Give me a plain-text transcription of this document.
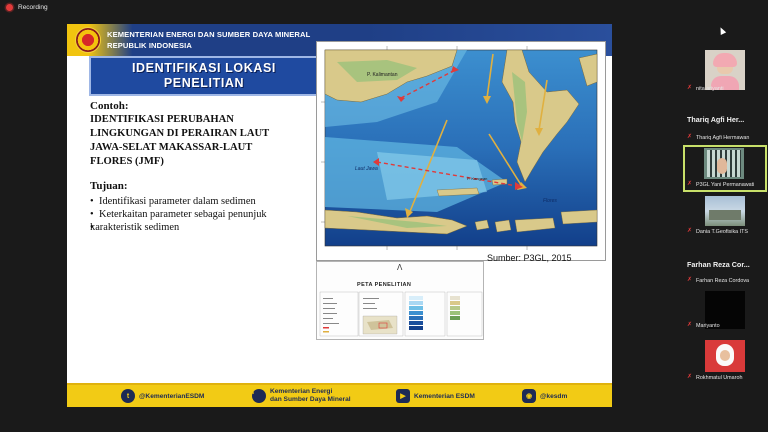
Recording
KEMENTERIAN ENERGI DAN SUMBER DAYA MINERAL
REPUBLIK INDONESIA
IDENTIFIKASI LOKASI
PENELITIAN
Contoh:
IDENTIFIKASI PERUBAHAN
LINGKUNGAN DI PERAIRAN LAUT
JAWA-SELAT MAKASSAR-LAUT
FLORES (JMF)
Tujuan:
• Identifikasi parameter dalam sedimen
• Keterkaitan parameter sebagai penunjuk
• karakteristik sedimen
P. Kalimantan
Laut Jawa
P. Kangean
Flores
Sumber: P3GL, 2015
Λ
PETA PENELITIAN
t	@KementerianESDM
f	Kementerian Energi
dan Sumber Daya Mineral	▶	Kementerian ESDM	◉	@kesdm
✗ nita ariyanti
Thariq Agfi Her...
✗ Thariq Agfi Hermawan
✗ P3GL Yani Permanawati
✗ Dania T.Geofisika ITS
Farhan Reza Cor...
✗ Farhan Reza Cordova
✗ Mariyanto
✗ Rokhmatul Umaroh
